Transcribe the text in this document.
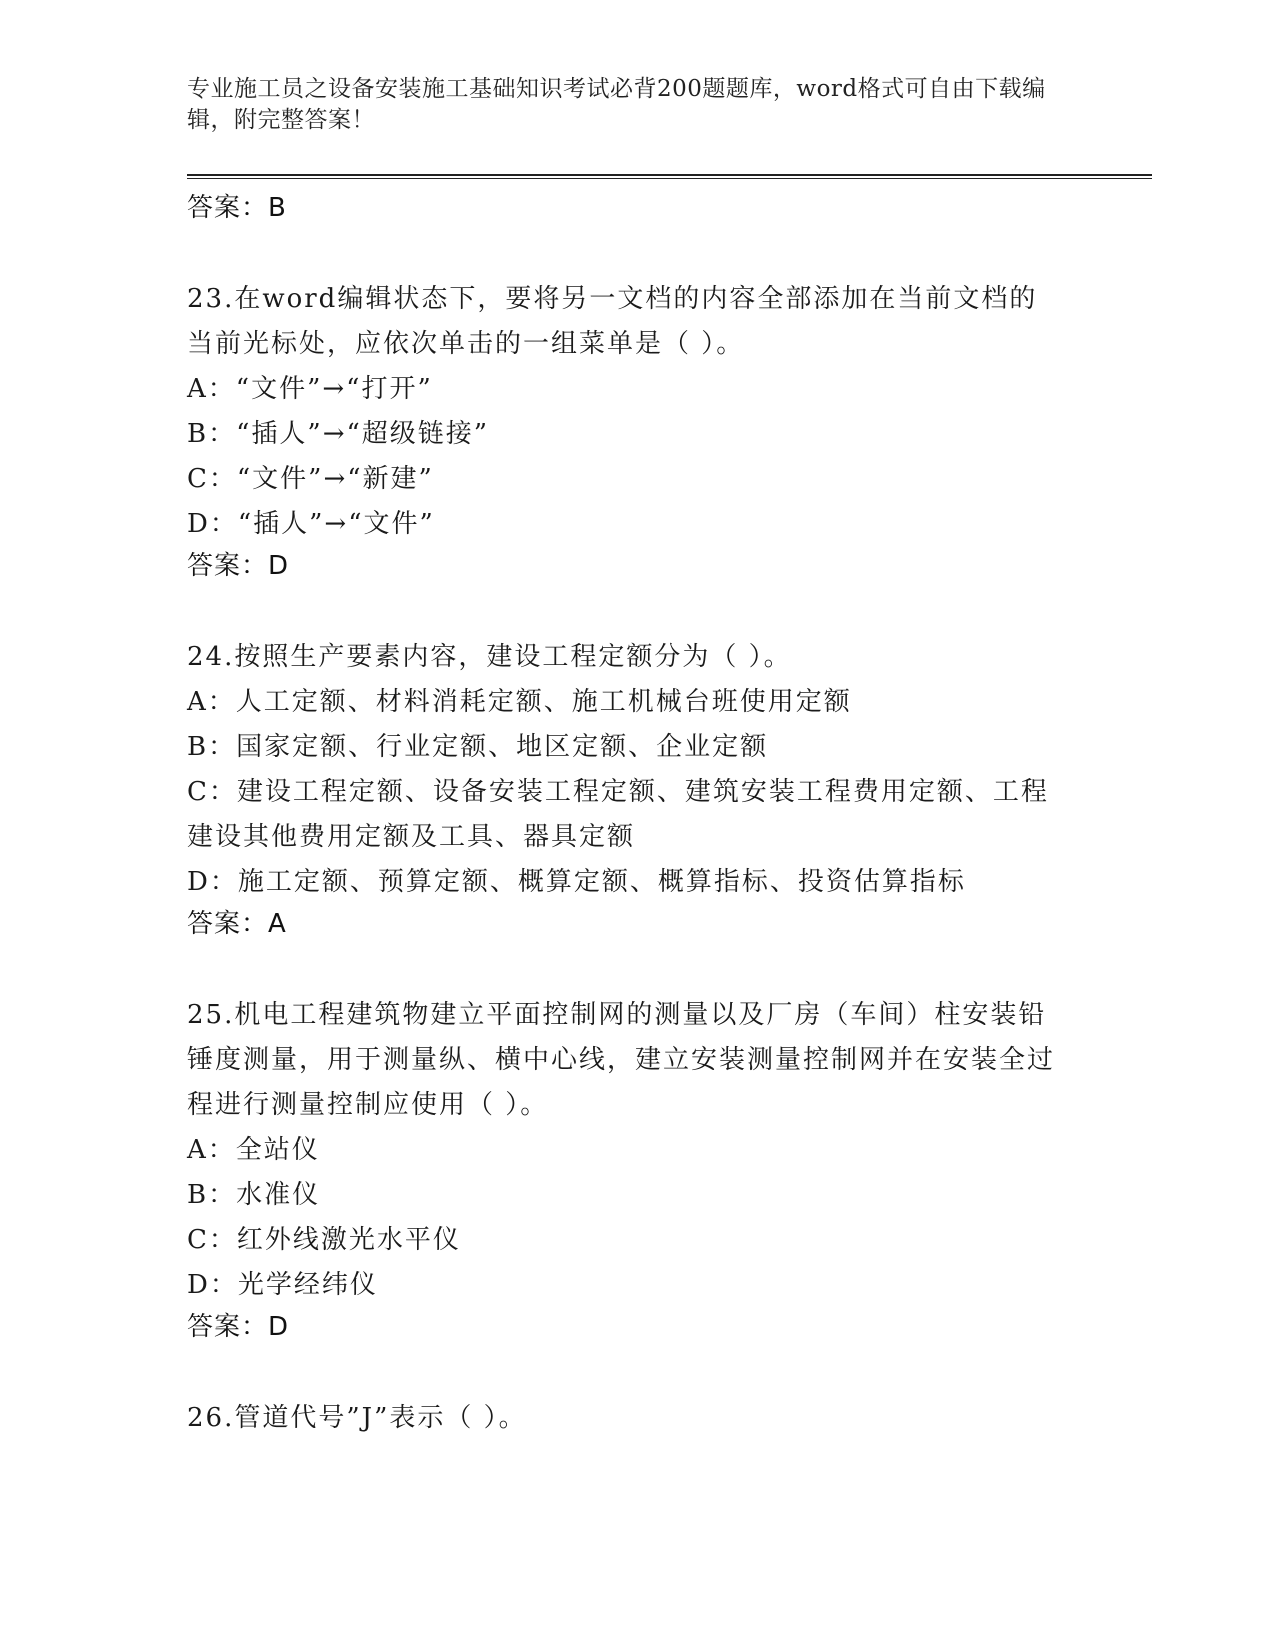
专业施工员之设备安装施工基础知识考试必背200题题库，word格式可自由下载编辑，附完整答案！
答案：B
23.在word编辑状态下，要将另一文档的内容全部添加在当前文档的当前光标处，应依次单击的一组菜单是（ ）。
A：“文件”→“打开”
B：“插人”→“超级链接”
C：“文件”→“新建”
D：“插人”→“文件”
答案：D
24.按照生产要素内容，建设工程定额分为（ ）。
A：人工定额、材料消耗定额、施工机械台班使用定额
B：国家定额、行业定额、地区定额、企业定额
C：建设工程定额、设备安装工程定额、建筑安装工程费用定额、工程建设其他费用定额及工具、器具定额
D：施工定额、预算定额、概算定额、概算指标、投资估算指标
答案：A
25.机电工程建筑物建立平面控制网的测量以及厂房（车间）柱安装铅锤度测量，用于测量纵、横中心线，建立安装测量控制网并在安装全过程进行测量控制应使用（ ）。
A：全站仪
B：水准仪
C：红外线激光水平仪
D：光学经纬仪
答案：D
26.管道代号”J”表示（ ）。
